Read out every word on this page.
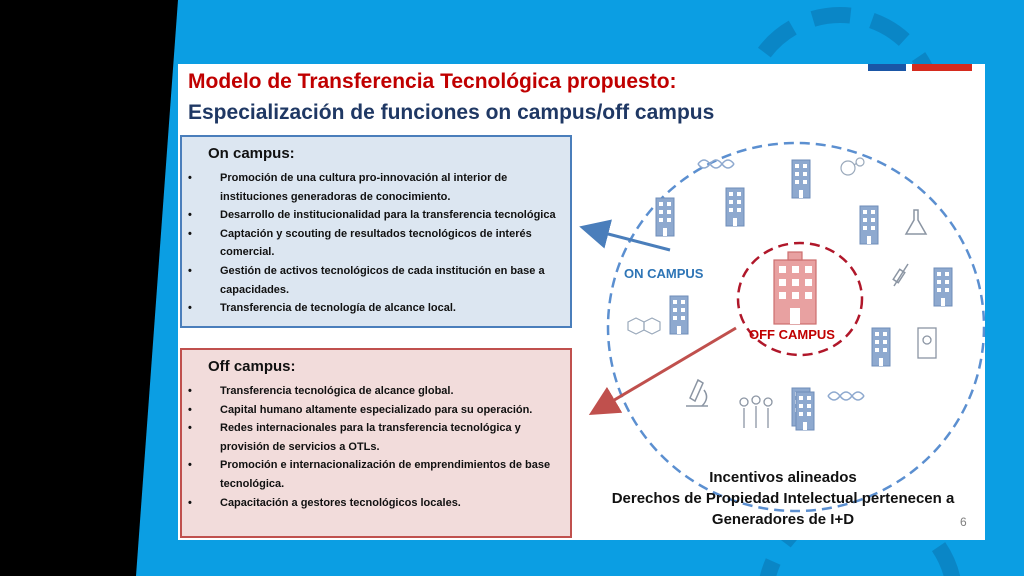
Modelo de Transferencia Tecnológica propuesto:
Especialización de funciones on campus/off campus
On campus:
• Promoción de una cultura pro-innovación al interior de instituciones generadoras de conocimiento.
• Desarrollo de institucionalidad para la transferencia tecnológica
• Captación y scouting de resultados tecnológicos de interés comercial.
• Gestión de activos tecnológicos de cada institución en base a capacidades.
• Transferencia de tecnología de alcance local.
Off campus:
• Transferencia tecnológica de alcance global.
• Capital humano altamente especializado para su operación.
• Redes internacionales para la transferencia tecnológica y provisión de servicios a OTLs.
• Promoción e internacionalización de emprendimientos de base tecnológica.
• Capacitación a gestores tecnológicos locales.
ON CAMPUS
OFF CAMPUS
Incentivos alineados
Derechos de Propiedad Intelectual pertenecen a
Generadores de I+D	6
